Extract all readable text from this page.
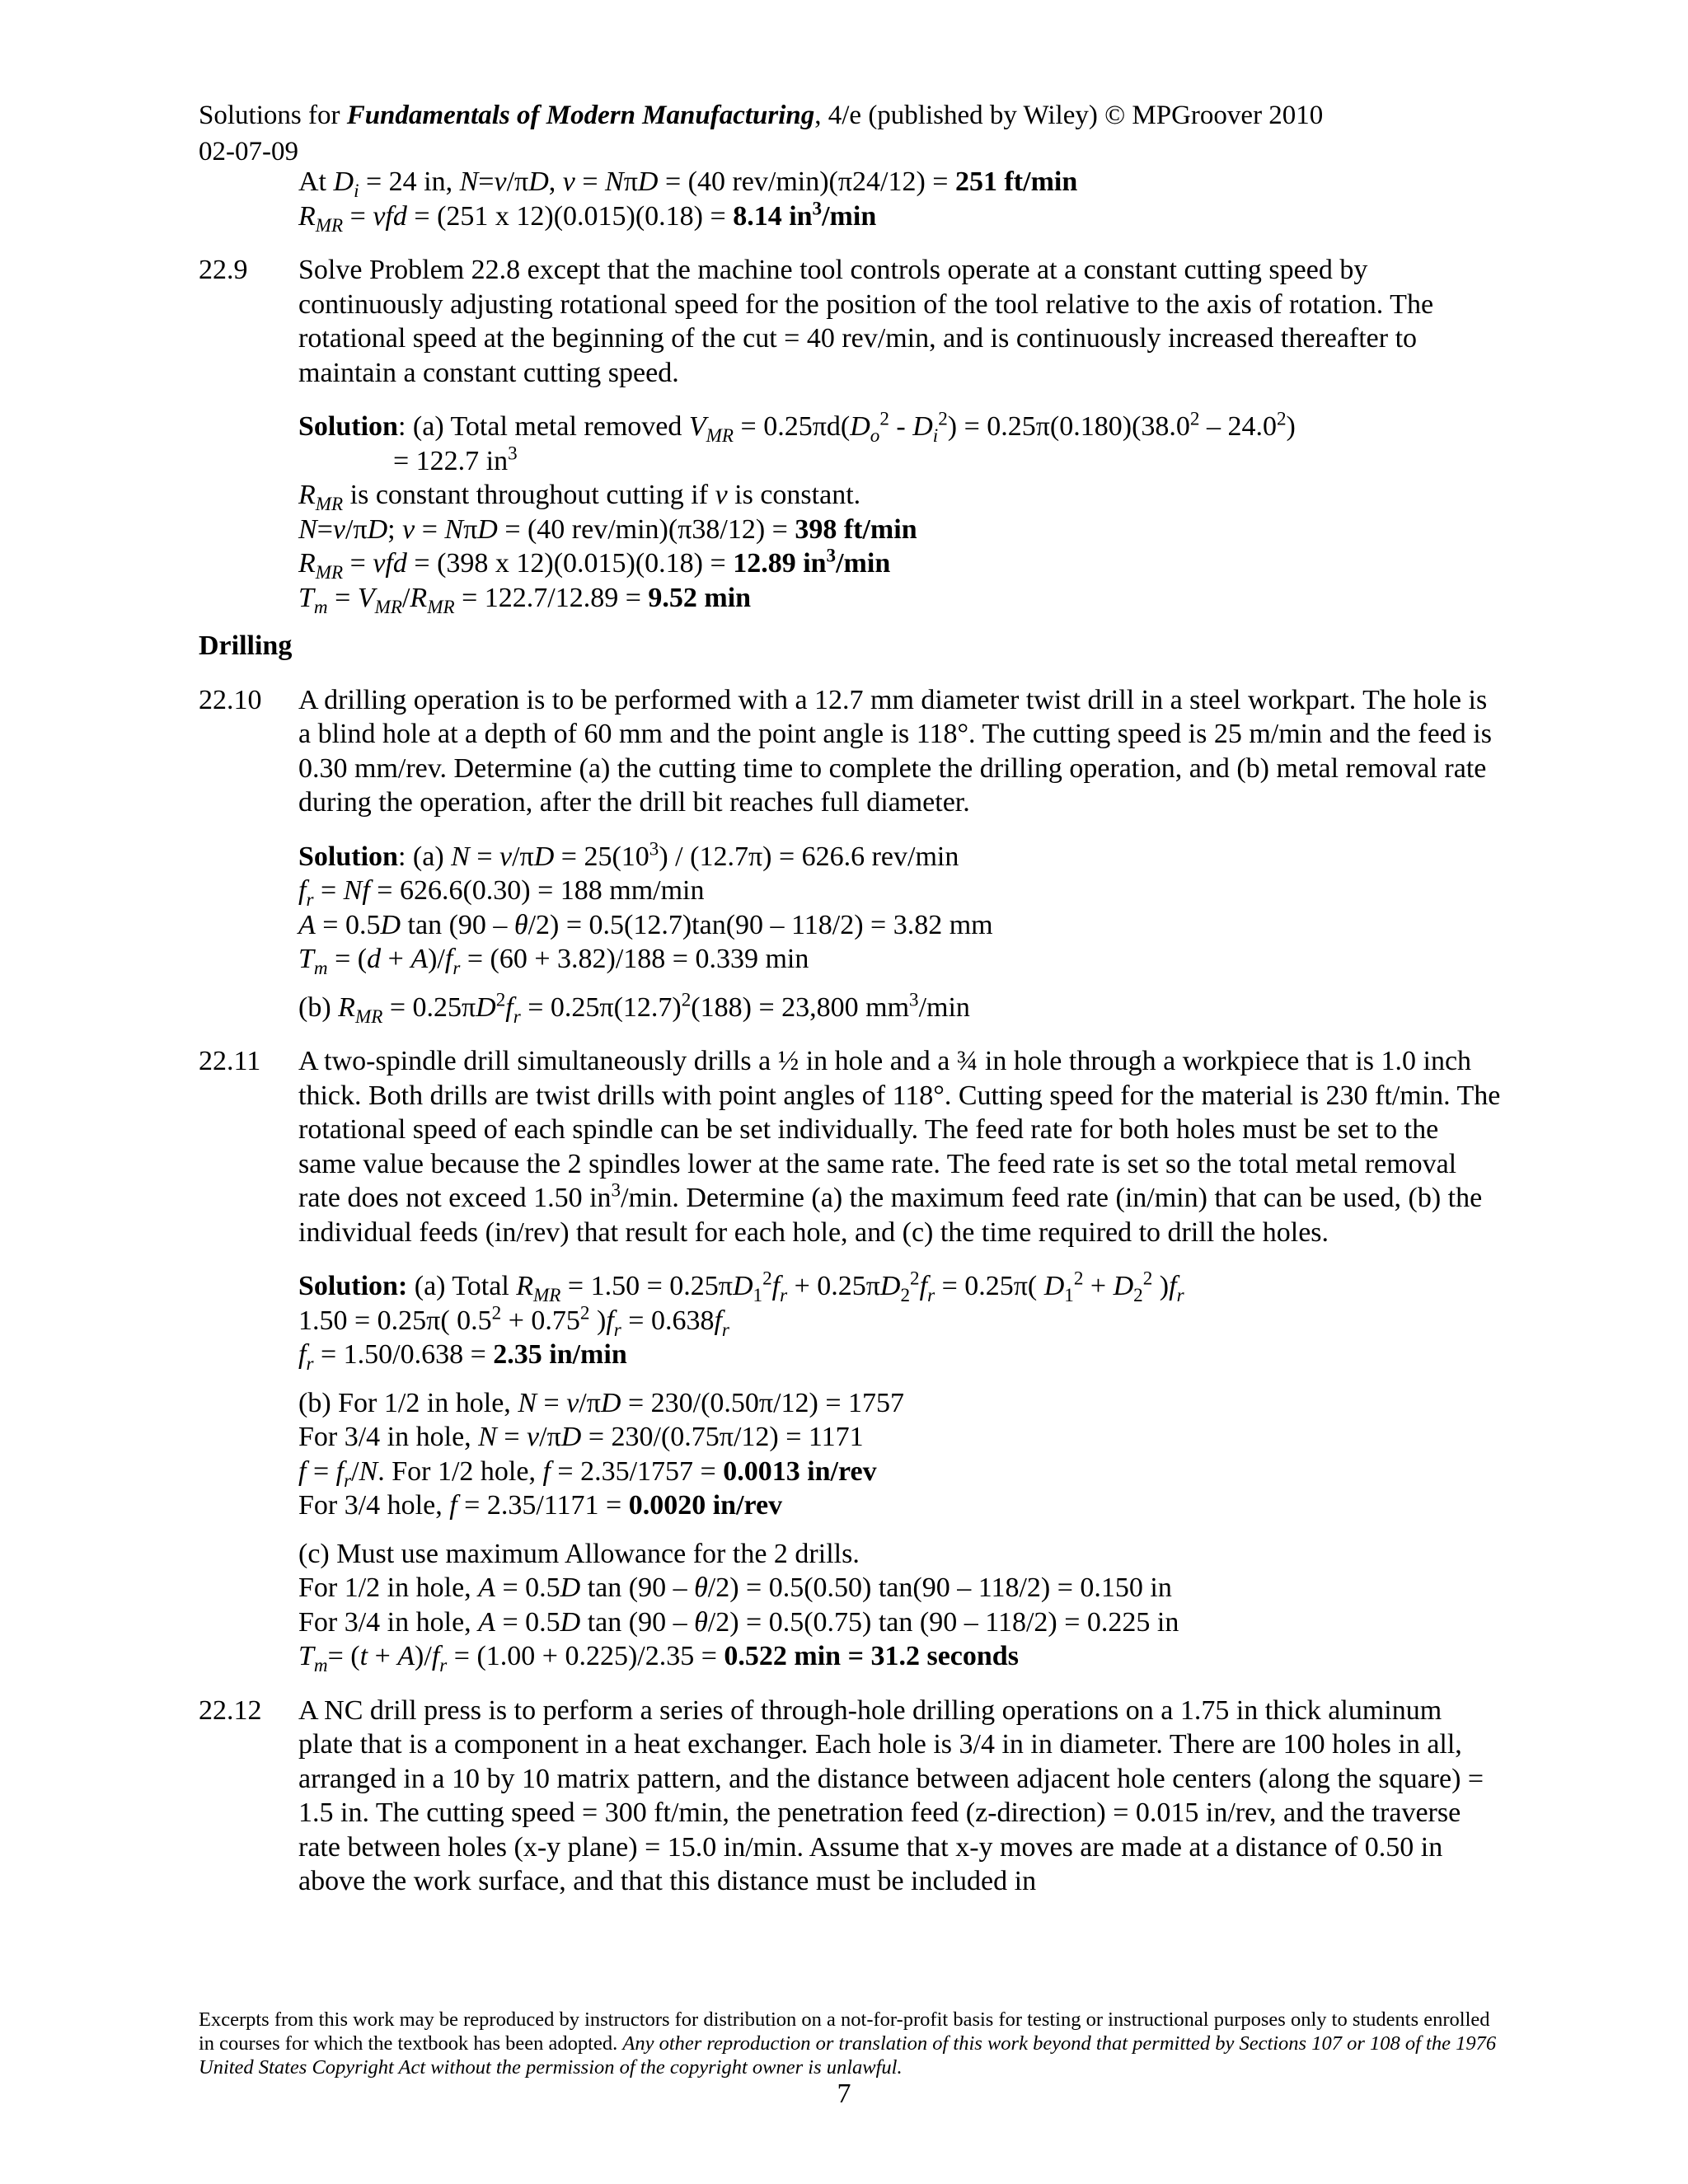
Solutions for Fundamentals of Modern Manufacturing, 4/e (published by Wiley) © MPGroover 2010
02-07-09

At $D_i = 24$ in, N=v/πD, v = NπD = (40 rev/min)(π24/12) = 251 ft/min

$R_{MR}$ = vfd = (251 x 12)(0.015)(0.18) = 8.14 $in^3/\min$

22.9 Solve Problem 22.8 except that the machine tool controls operate at a constant cutting speed by continuously adjusting rotational speed for the position of the tool relative to the axis of rotation. The rotational speed at the beginning of the cut = 40 rev/min, and is continuously increased thereafter to maintain a constant cutting speed.

Solution: (a) Total metal removed $V_{MR} = 0.25\pi d(D_o^2 - D_i^2) = 0.25\pi(0.180)(38.0^2 - 24.0^2)$

= 122.7 $in^3$

$R_{MR}$ is constant throughout cutting if v is constant.

N=v/πD; v = NπD = (40 rev/min)(π38/12) = 398 ft/min

$R_{MR}$ = vfd = (398 x 12)(0.015)(0.18) = 12.89 $in^3/\min$

$T_m = V_{MR}/R_{MR} = 122.7/12.89 = 9.52$ min

Drilling

22.10 A drilling operation is to be performed with a 12.7 mm diameter twist drill in a steel workpart. The hole is a blind hole at a depth of 60 mm and the point angle is 118°. The cutting speed is 25 m/min and the feed is 0.30 mm/rev. Determine (a) the cutting time to complete the drilling operation, and (b) metal removal rate during the operation, after the drill bit reaches full diameter.

Solution: (a) $N = v/\pi D = 25(10^3) / (12.7\pi) = 626.6$ rev/min

$f_r = Nf = 626.6(0.30) = 188$ mm/min

A = 0.5D tan (90 – θ/2) = 0.5(12.7)tan(90 – 118/2) = 3.82 mm

$T_m = (d + A)/f_r = (60 + 3.82)/188 = 0.339$ min

(b) $R_{MR} = 0.25\pi D^2f_r = 0.25\pi(12.7)^2(188) = 23,800$ $mm^3/\min$

22.11 A two-spindle drill simultaneously drills a ½ in hole and a ¾ in hole through a workpiece that is 1.0 inch thick. Both drills are twist drills with point angles of 118°. Cutting speed for the material is 230 ft/min. The rotational speed of each spindle can be set individually. The feed rate for both holes must be set to the same value because the 2 spindles lower at the same rate. The feed rate is set so the total metal removal rate does not exceed 1.50 $in^3/\min$. Determine (a) the maximum feed rate (in/min) that can be used, (b) the individual feeds (in/rev) that result for each hole, and (c) the time required to drill the holes.

Solution: (a) Total $R_{MR} = 1.50 = 0.25\pi D_1^2f_r + 0.25\pi D_2^2f_r = 0.25\pi$( $D_1^2 + D_2^2$ )$f_r$

1.50 = 0.25π( $0.5^2 + 0.75^2$ )$f_r = 0.638f_r$

$f_r = 1.50/0.638 = 2.35$ in/min

(b) For 1/2 in hole, N = v/πD = 230/(0.50π/12) = 1757

For 3/4 in hole, N = v/πD = 230/(0.75π/12) = 1171

$f = f_r/N$. For 1/2 hole, f = 2.35/1757 = 0.0013 in/rev

For 3/4 hole, f = 2.35/1171 = 0.0020 in/rev

(c) Must use maximum Allowance for the 2 drills.

For 1/2 in hole, A = 0.5D tan (90 – θ/2) = 0.5(0.50) tan(90 – 118/2) = 0.150 in

For 3/4 in hole, A = 0.5D tan (90 – θ/2) = 0.5(0.75) tan (90 – 118/2) = 0.225 in

$T_m= (t + A)/f_r = (1.00 + 0.225)/2.35 = 0.522$ min = 31.2 seconds

22.12 A NC drill press is to perform a series of through-hole drilling operations on a 1.75 in thick aluminum plate that is a component in a heat exchanger. Each hole is 3/4 in in diameter. There are 100 holes in all, arranged in a 10 by 10 matrix pattern, and the distance between adjacent hole centers (along the square) = 1.5 in. The cutting speed = 300 ft/min, the penetration feed (z-direction) = 0.015 in/rev, and the traverse rate between holes (x-y plane) = 15.0 in/min. Assume that x-y moves are made at a distance of 0.50 in above the work surface, and that this distance must be included in

Excerpts from this work may be reproduced by instructors for distribution on a not-for-profit basis for testing or instructional purposes only to students enrolled in courses for which the textbook has been adopted. Any other reproduction or translation of this work beyond that permitted by Sections 107 or 108 of the 1976 United States Copyright Act without the permission of the copyright owner is unlawful.
7
